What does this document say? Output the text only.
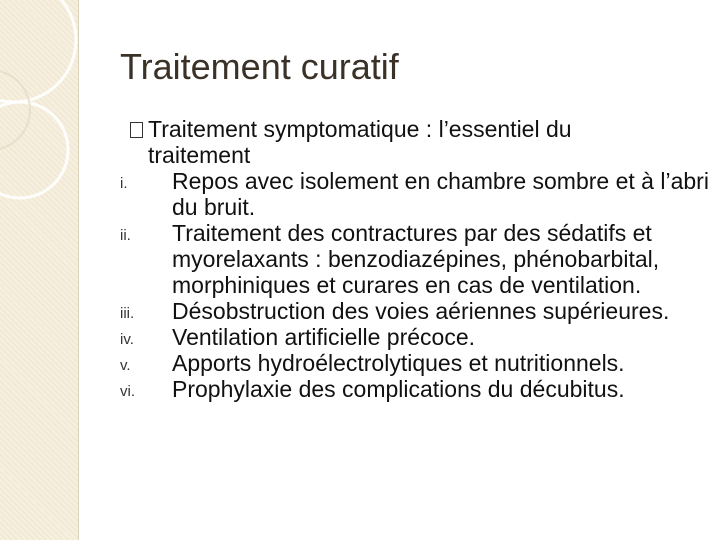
Traitement curatif
Traitement symptomatique : l’essentiel du
traitement
i. Repos avec isolement en chambre sombre et à l’abri du bruit.
ii. Traitement des contractures par des sédatifs et myorelaxants : benzodiazépines, phénobarbital, morphiniques et curares en cas de ventilation.
iii. Désobstruction des voies aériennes supérieures.
iv. Ventilation artificielle précoce.
v. Apports hydroélectrolytiques et nutritionnels.
vi. Prophylaxie des complications du décubitus.
